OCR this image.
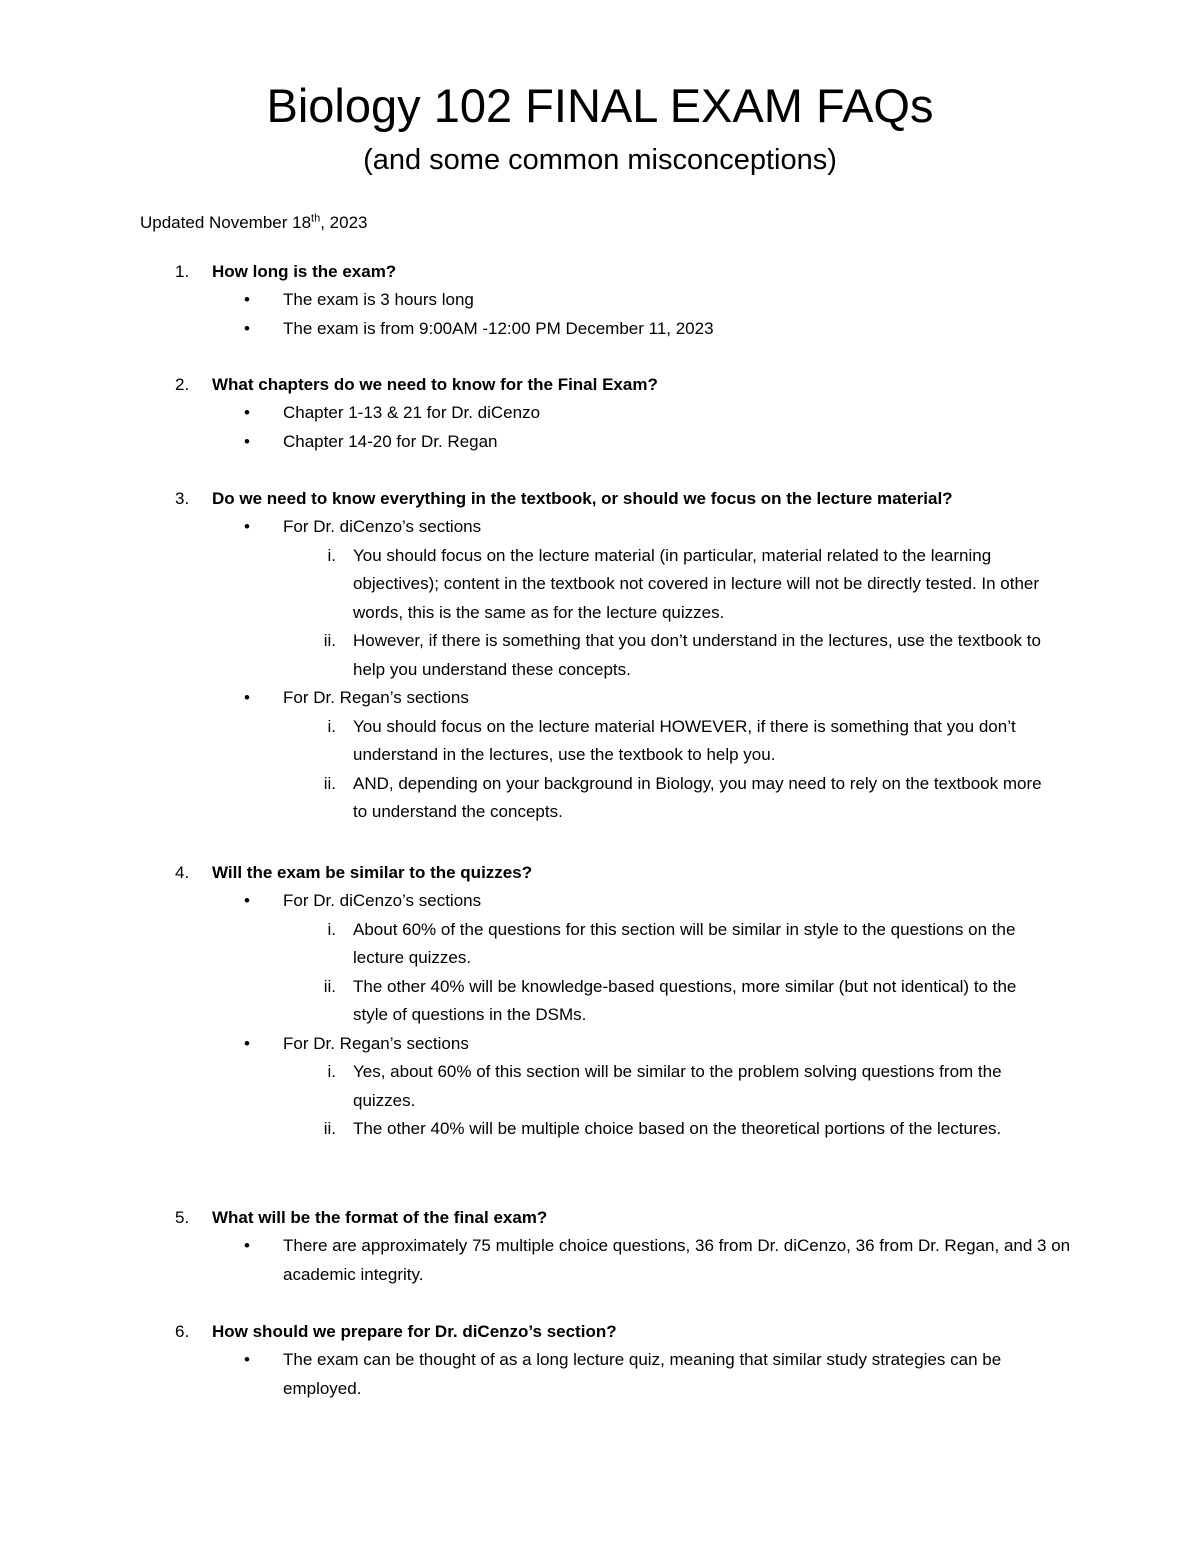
Biology 102 FINAL EXAM FAQs
(and some common misconceptions)
Updated November 18th, 2023
1. How long is the exam?
• The exam is 3 hours long
• The exam is from 9:00AM -12:00 PM December 11, 2023
2. What chapters do we need to know for the Final Exam?
• Chapter 1-13 & 21 for Dr. diCenzo
• Chapter 14-20 for Dr. Regan
3. Do we need to know everything in the textbook, or should we focus on the lecture material?
• For Dr. diCenzo’s sections
i. You should focus on the lecture material (in particular, material related to the learning objectives); content in the textbook not covered in lecture will not be directly tested. In other words, this is the same as for the lecture quizzes.
ii. However, if there is something that you don’t understand in the lectures, use the textbook to help you understand these concepts.
• For Dr. Regan’s sections
i. You should focus on the lecture material HOWEVER, if there is something that you don’t understand in the lectures, use the textbook to help you.
ii. AND, depending on your background in Biology, you may need to rely on the textbook more to understand the concepts.
4. Will the exam be similar to the quizzes?
• For Dr. diCenzo’s sections
i. About 60% of the questions for this section will be similar in style to the questions on the lecture quizzes.
ii. The other 40% will be knowledge-based questions, more similar (but not identical) to the style of questions in the DSMs.
• For Dr. Regan’s sections
i. Yes, about 60% of this section will be similar to the problem solving questions from the quizzes.
ii. The other 40% will be multiple choice based on the theoretical portions of the lectures.
5. What will be the format of the final exam?
• There are approximately 75 multiple choice questions, 36 from Dr. diCenzo, 36 from Dr. Regan, and 3 on academic integrity.
6. How should we prepare for Dr. diCenzo’s section?
• The exam can be thought of as a long lecture quiz, meaning that similar study strategies can be employed.
